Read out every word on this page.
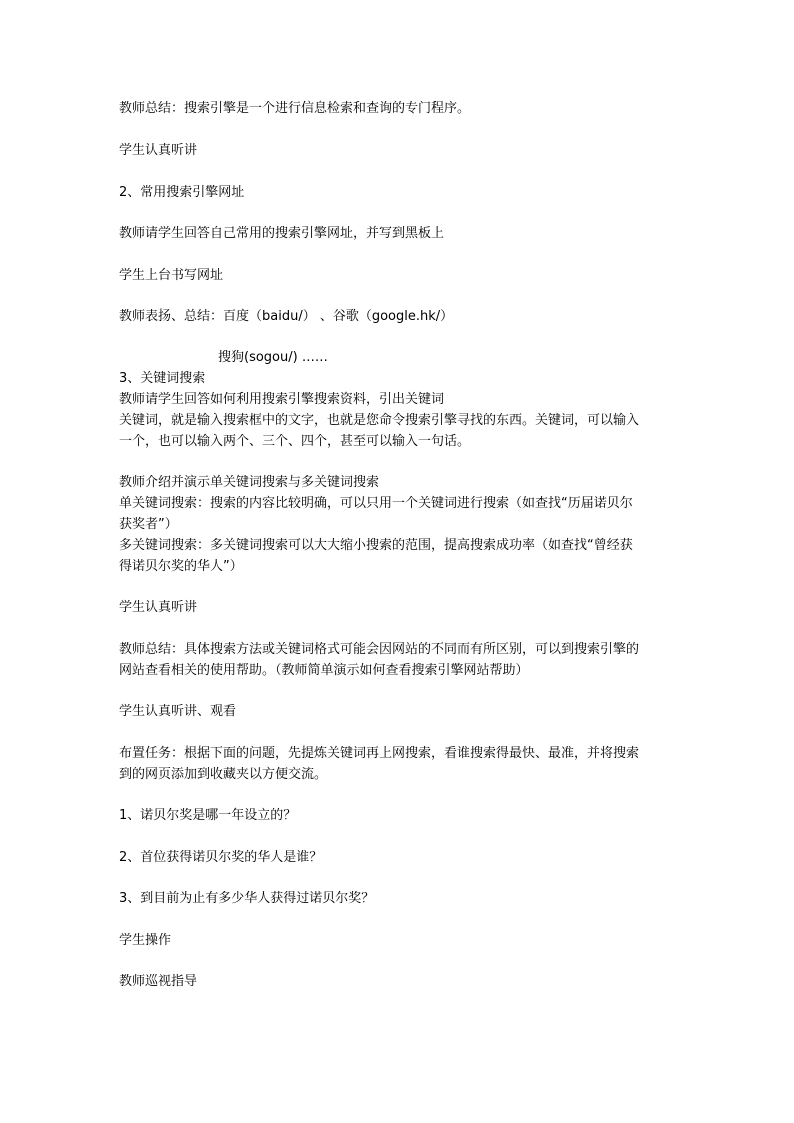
教师总结：搜索引擎是一个进行信息检索和查询的专门程序。
学生认真听讲
2、常用搜索引擎网址
教师请学生回答自己常用的搜索引擎网址，并写到黑板上
学生上台书写网址
教师表扬、总结：百度（baidu/） 、谷歌（google.hk/）
搜狗(sogou/) ……
3、关键词搜索
教师请学生回答如何利用搜索引擎搜索资料，引出关键词
关键词，就是输入搜索框中的文字，也就是您命令搜索引擎寻找的东西。关键词，可以输入
一个，也可以输入两个、三个、四个，甚至可以输入一句话。
教师介绍并演示单关键词搜索与多关键词搜索
单关键词搜索：搜索的内容比较明确，可以只用一个关键词进行搜索（如查找“历届诺贝尔
获奖者”）
多关键词搜索：多关键词搜索可以大大缩小搜索的范围，提高搜索成功率（如查找“曾经获
得诺贝尔奖的华人”）
学生认真听讲
教师总结：具体搜索方法或关键词格式可能会因网站的不同而有所区别，可以到搜索引擎的
网站查看相关的使用帮助。（教师简单演示如何查看搜索引擎网站帮助）
学生认真听讲、观看
布置任务：根据下面的问题，先提炼关键词再上网搜索，看谁搜索得最快、最准，并将搜索
到的网页添加到收藏夹以方便交流。
1、诺贝尔奖是哪一年设立的？
2、首位获得诺贝尔奖的华人是谁？
3、到目前为止有多少华人获得过诺贝尔奖？
学生操作
教师巡视指导
